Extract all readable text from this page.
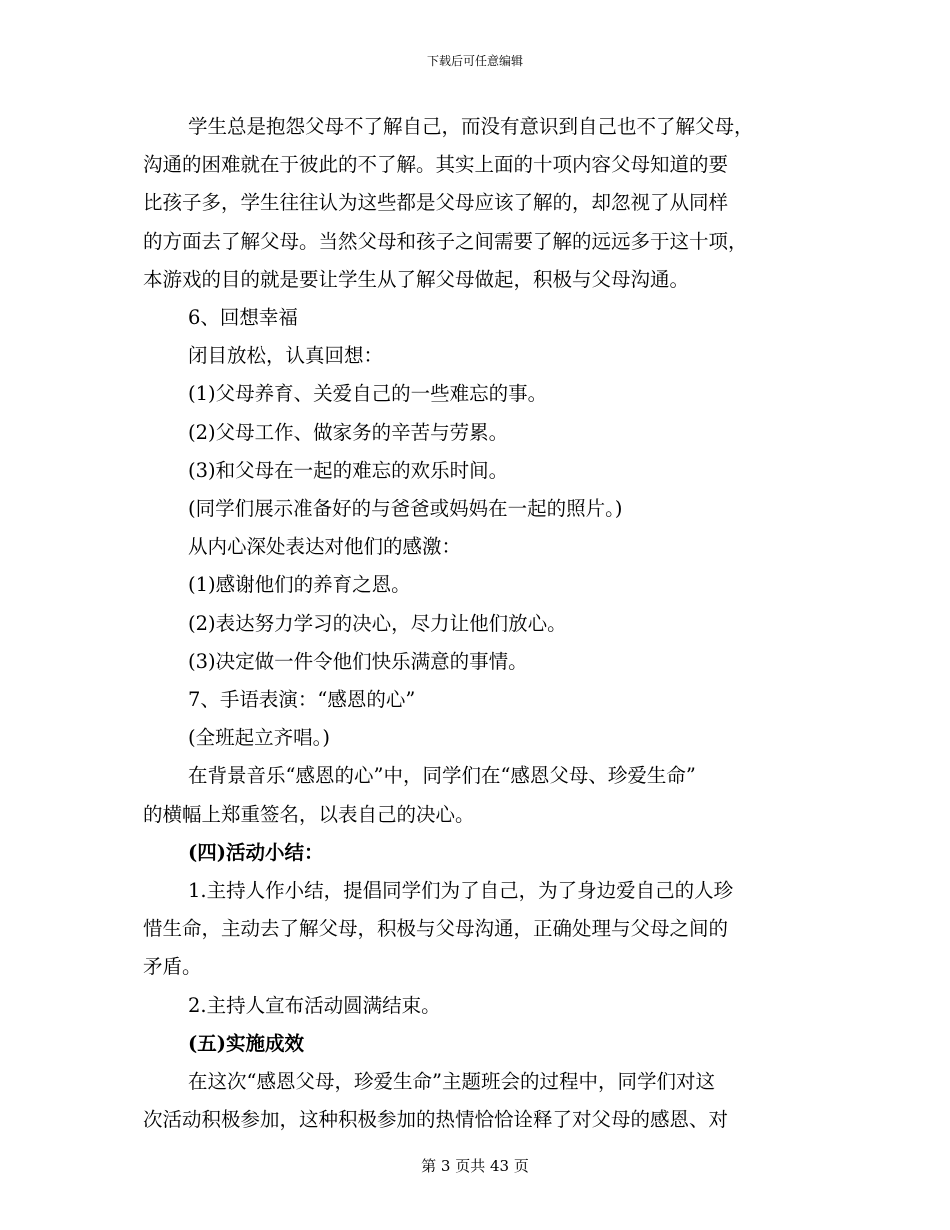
下载后可任意编辑

学生总是抱怨父母不了解自己，而没有意识到自己也不了解父母，

沟通的困难就在于彼此的不了解。其实上面的十项内容父母知道的要

比孩子多，学生往往认为这些都是父母应该了解的，却忽视了从同样

的方面去了解父母。当然父母和孩子之间需要了解的远远多于这十项，

本游戏的目的就是要让学生从了解父母做起，积极与父母沟通。

6、回想幸福

闭目放松，认真回想：

(1)父母养育、关爱自己的一些难忘的事。

(2)父母工作、做家务的辛苦与劳累。

(3)和父母在一起的难忘的欢乐时间。

(同学们展示准备好的与爸爸或妈妈在一起的照片。)

从内心深处表达对他们的感激：

(1)感谢他们的养育之恩。

(2)表达努力学习的决心，尽力让他们放心。

(3)决定做一件令他们快乐满意的事情。

7、手语表演：“感恩的心”

(全班起立齐唱。)

在背景音乐“感恩的心”中，同学们在“感恩父母、珍爱生命”

的横幅上郑重签名，以表自己的决心。

(四)活动小结：

1.主持人作小结，提倡同学们为了自己，为了身边爱自己的人珍

惜生命，主动去了解父母，积极与父母沟通，正确处理与父母之间的

矛盾。

2.主持人宣布活动圆满结束。

(五)实施成效

在这次“感恩父母，珍爱生命”主题班会的过程中，同学们对这

次活动积极参加，这种积极参加的热情恰恰诠释了对父母的感恩、对

第 3 页共 43 页
